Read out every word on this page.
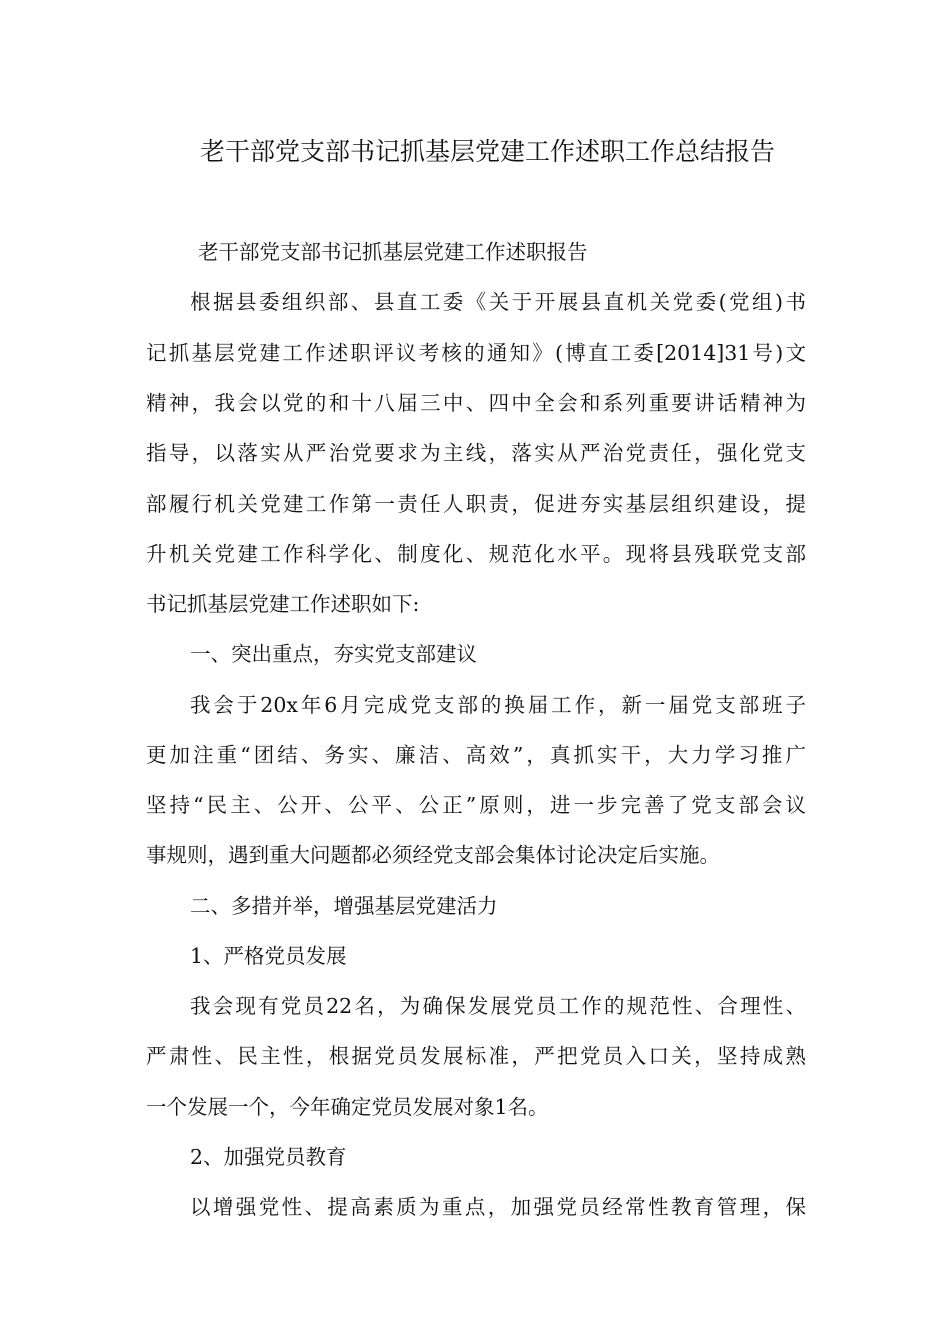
老干部党支部书记抓基层党建工作述职工作总结报告
老干部党支部书记抓基层党建工作述职报告
根据县委组织部、县直工委《关于开展县直机关党委(党组)书
记抓基层党建工作述职评议考核的通知》(博直工委[2014]31号)文
精神，我会以党的和十八届三中、四中全会和系列重要讲话精神为
指导，以落实从严治党要求为主线，落实从严治党责任，强化党支
部履行机关党建工作第一责任人职责，促进夯实基层组织建设，提
升机关党建工作科学化、制度化、规范化水平。现将县残联党支部
书记抓基层党建工作述职如下:
一、突出重点，夯实党支部建议
我会于20x年6月完成党支部的换届工作，新一届党支部班子
更加注重“团结、务实、廉洁、高效”，真抓实干，大力学习推广
坚持“民主、公开、公平、公正”原则，进一步完善了党支部会议
事规则，遇到重大问题都必须经党支部会集体讨论决定后实施。
二、多措并举，增强基层党建活力
1、严格党员发展
我会现有党员22名，为确保发展党员工作的规范性、合理性、
严肃性、民主性，根据党员发展标准，严把党员入口关，坚持成熟
一个发展一个，今年确定党员发展对象1名。
2、加强党员教育
以增强党性、提高素质为重点，加强党员经常性教育管理，保
